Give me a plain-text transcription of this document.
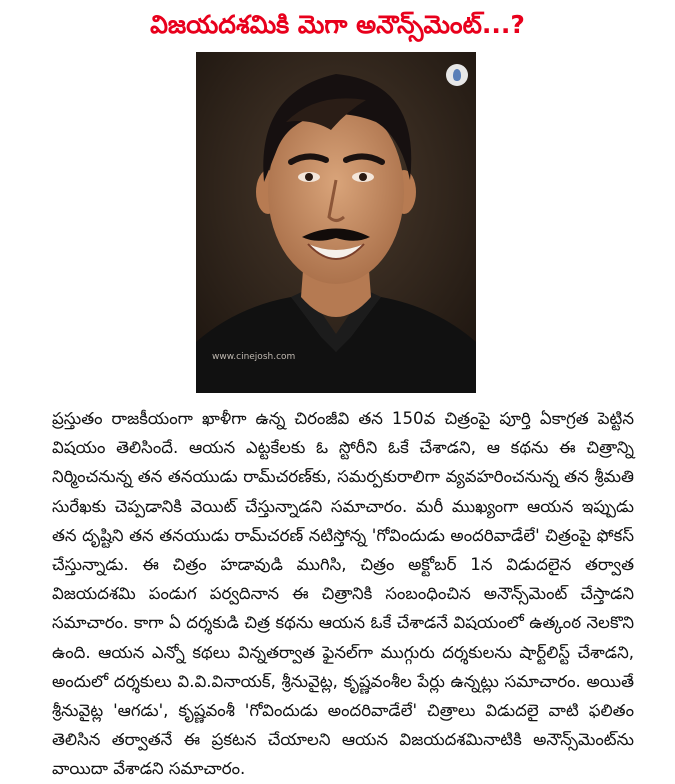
విజయదశమికి మెగా అనౌన్స్‌మెంట్...?
www.cinejosh.com

ప్రస్తుతం రాజకీయంగా ఖాళీగా ఉన్న చిరంజీవి తన 150వ చిత్రంపై పూర్తి ఏకాగ్రత పెట్టిన విషయం తెలిసిందే. ఆయన ఎట్టకేలకు ఓ స్టోరీని ఓకే చేశాడని, ఆ కథను ఈ చిత్రాన్ని నిర్మించనున్న తన తనయుడు రామ్‌చరణ్‌కు, సమర్పకురాలిగా వ్యవహరించనున్న తన శ్రీమతి సురేఖకు చెప్పడానికి వెయిట్ చేస్తున్నాడని సమాచారం. మరీ ముఖ్యంగా ఆయన ఇప్పుడు తన దృష్టిని తన తనయుడు రామ్‌చరణ్ నటిస్తోన్న 'గోవిందుడు అందరివాడేలే' చిత్రంపై ఫోకస్ చేస్తున్నాడు. ఈ చిత్రం హడావుడి ముగిసి, చిత్రం అక్టోబర్ 1న విడుదలైన తర్వాత విజయదశమి పండుగ పర్వదినాన ఈ చిత్రానికి సంబంధించిన అనౌన్స్‌మెంట్ చేస్తాడని సమాచారం. కాగా ఏ దర్శకుడి చిత్ర కథను ఆయన ఓకే చేశాడనే విషయంలో ఉత్కంఠ నెలకొని ఉంది. ఆయన ఎన్నో కథలు విన్నతర్వాత ఫైనల్‌గా ముగ్గురు దర్శకులను షార్ట్‌లిస్ట్ చేశాడని, అందులో దర్శకులు వి.వి.వినాయక్, శ్రీనువైట్ల, కృష్ణవంశీల పేర్లు ఉన్నట్లు సమాచారం. అయితే శ్రీనువైట్ల 'ఆగడు', కృష్ణవంశీ 'గోవిందుడు అందరివాడేలే' చిత్రాలు విడుదలై వాటి ఫలితం తెలిసిన తర్వాతనే ఈ ప్రకటన చేయాలని ఆయన విజయదశమినాటికి అనౌన్స్‌మెంట్‌ను వాయిదా వేశాడని సమాచారం.
